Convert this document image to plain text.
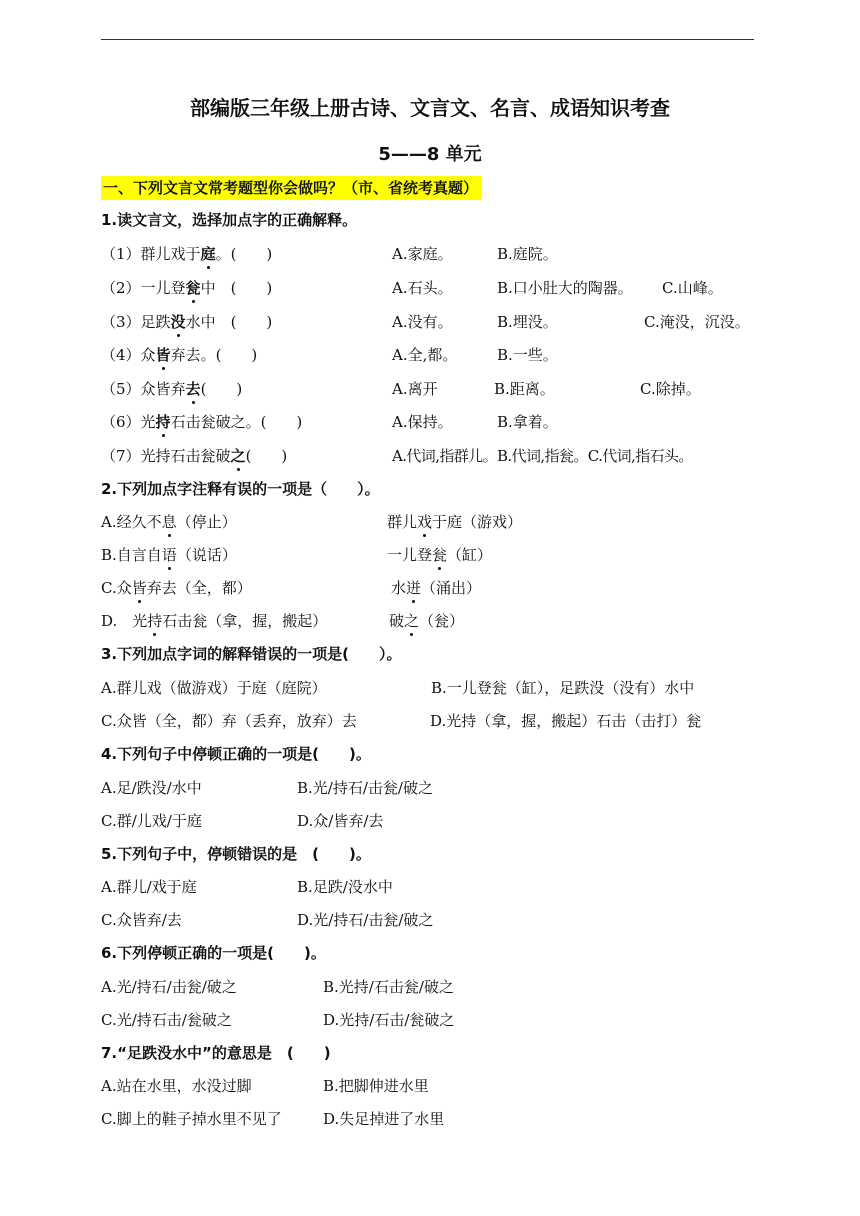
部编版三年级上册古诗、文言文、名言、成语知识考查
5——8 单元
一、下列文言文常考题型你会做吗？（市、省统考真题）
1.读文言文，选择加点字的正确解释。
（1）群儿戏于庭。(　　)	A.家庭。	B.庭院。
（2）一儿登瓮中　(　　)	A.石头。	B.口小肚大的陶器。 C.山峰。
（3）足跌没水中　(　　)	A.没有。	B.埋没。	C.淹没，沉没。
（4）众皆弃去。(　　)	A.全,都。	B.一些。
（5）众皆弃去(　　)	A.离开	B.距离。	C.除掉。
（6）光持石击瓮破之。(　　)	A.保持。	B.拿着。
（7）光持石击瓮破之(　　)	A.代词,指群儿。B.代词,指瓮。C.代词,指石头。
2.下列加点字注释有误的一项是（　　）。
A.经久不息（停止）	群儿戏于庭（游戏）
B.自言自语（说话）	一儿登瓮（缸）
C.众皆弃去（全，都）	水迸（涌出）
D.　光持石击瓮（拿，握，搬起）	破之（瓮）
3.下列加点字词的解释错误的一项是(　　）。
A.群儿戏（做游戏）于庭（庭院）	B.一儿登瓮（缸），足跌没（没有）水中
C.众皆（全，都）弃（丢弃，放弃）去	D.光持（拿，握，搬起）石击（击打）瓮
4.下列句子中停顿正确的一项是(　　)。
A.足/跌没/水中	B.光/持石/击瓮/破之
C.群/儿戏/于庭	D.众/皆弃/去
5.下列句子中，停顿错误的是　(　　)。
A.群儿/戏于庭	B.足跌/没水中
C.众皆弃/去	D.光/持石/击瓮/破之
6.下列停顿正确的一项是(　　)。
A.光/持石/击瓮/破之	B.光持/石击瓮/破之
C.光/持石击/瓮破之	D.光持/石击/瓮破之
7.“足跌没水中”的意思是　(　　)
A.站在水里，水没过脚	B.把脚伸进水里
C.脚上的鞋子掉水里不见了	D.失足掉进了水里
